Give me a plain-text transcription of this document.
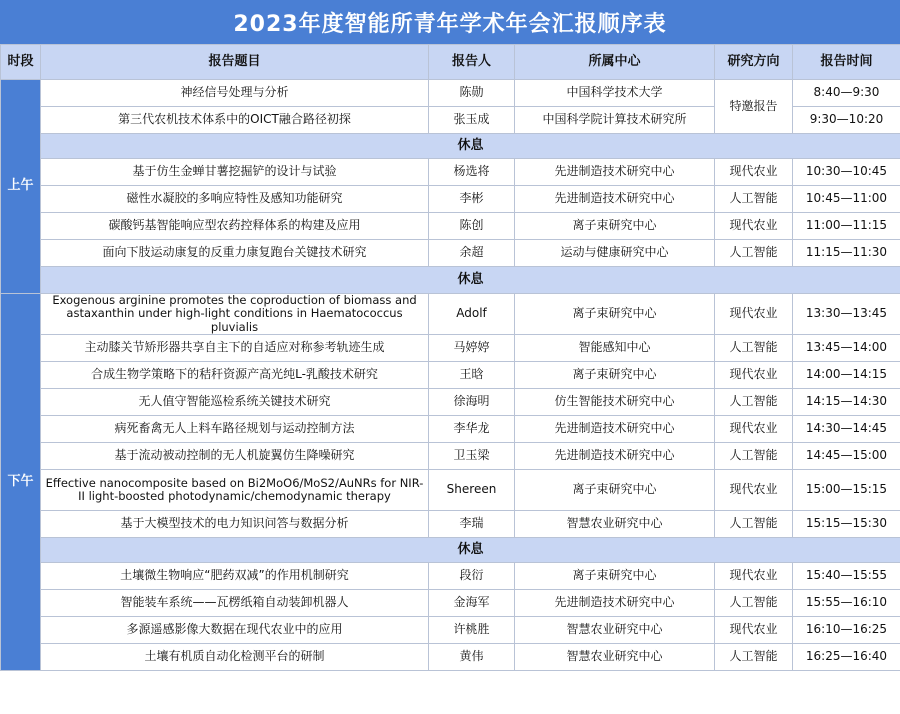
2023年度智能所青年学术年会汇报顺序表
时段	报告题目	报告人	所属中心	研究方向	报告时间
上午	神经信号处理与分析	陈勋	中国科学技术大学	特邀报告	8:40—9:30
	第三代农机技术体系中的OICT融合路径初探	张玉成	中国科学院计算技术研究所		9:30—10:20
	休息				
	基于仿生金蝉甘薯挖掘铲的设计与试验	杨选将	先进制造技术研究中心	现代农业	10:30—10:45
	磁性水凝胶的多响应特性及感知功能研究	李彬	先进制造技术研究中心	人工智能	10:45—11:00
	碳酸钙基智能响应型农药控释体系的构建及应用	陈创	离子束研究中心	现代农业	11:00—11:15
	面向下肢运动康复的反重力康复跑台关键技术研究	余超	运动与健康研究中心	人工智能	11:15—11:30
	休息				
下午	Exogenous arginine promotes the coproduction of biomass and astaxanthin under high-light conditions in Haematococcus pluvialis	Adolf	离子束研究中心	现代农业	13:30—13:45
	主动膝关节矫形器共享自主下的自适应对称参考轨迹生成	马婷婷	智能感知中心	人工智能	13:45—14:00
	合成生物学策略下的秸秆资源产高光纯L-乳酸技术研究	王晗	离子束研究中心	现代农业	14:00—14:15
	无人值守智能巡检系统关键技术研究	徐海明	仿生智能技术研究中心	人工智能	14:15—14:30
	病死畜禽无人上料车路径规划与运动控制方法	李华龙	先进制造技术研究中心	现代农业	14:30—14:45
	基于流动被动控制的无人机旋翼仿生降噪研究	卫玉梁	先进制造技术研究中心	人工智能	14:45—15:00
	Effective nanocomposite based on Bi2MoO6/MoS2/AuNRs for NIR-II light-boosted photodynamic/chemodynamic therapy	Shereen	离子束研究中心	现代农业	15:00—15:15
	基于大模型技术的电力知识问答与数据分析	李瑞	智慧农业研究中心	人工智能	15:15—15:30
	休息				
	土壤微生物响应“肥药双减”的作用机制研究	段衍	离子束研究中心	现代农业	15:40—15:55
	智能装车系统——瓦楞纸箱自动装卸机器人	金海军	先进制造技术研究中心	人工智能	15:55—16:10
	多源遥感影像大数据在现代农业中的应用	许桃胜	智慧农业研究中心	现代农业	16:10—16:25
	土壤有机质自动化检测平台的研制	黄伟	智慧农业研究中心	人工智能	16:25—16:40
